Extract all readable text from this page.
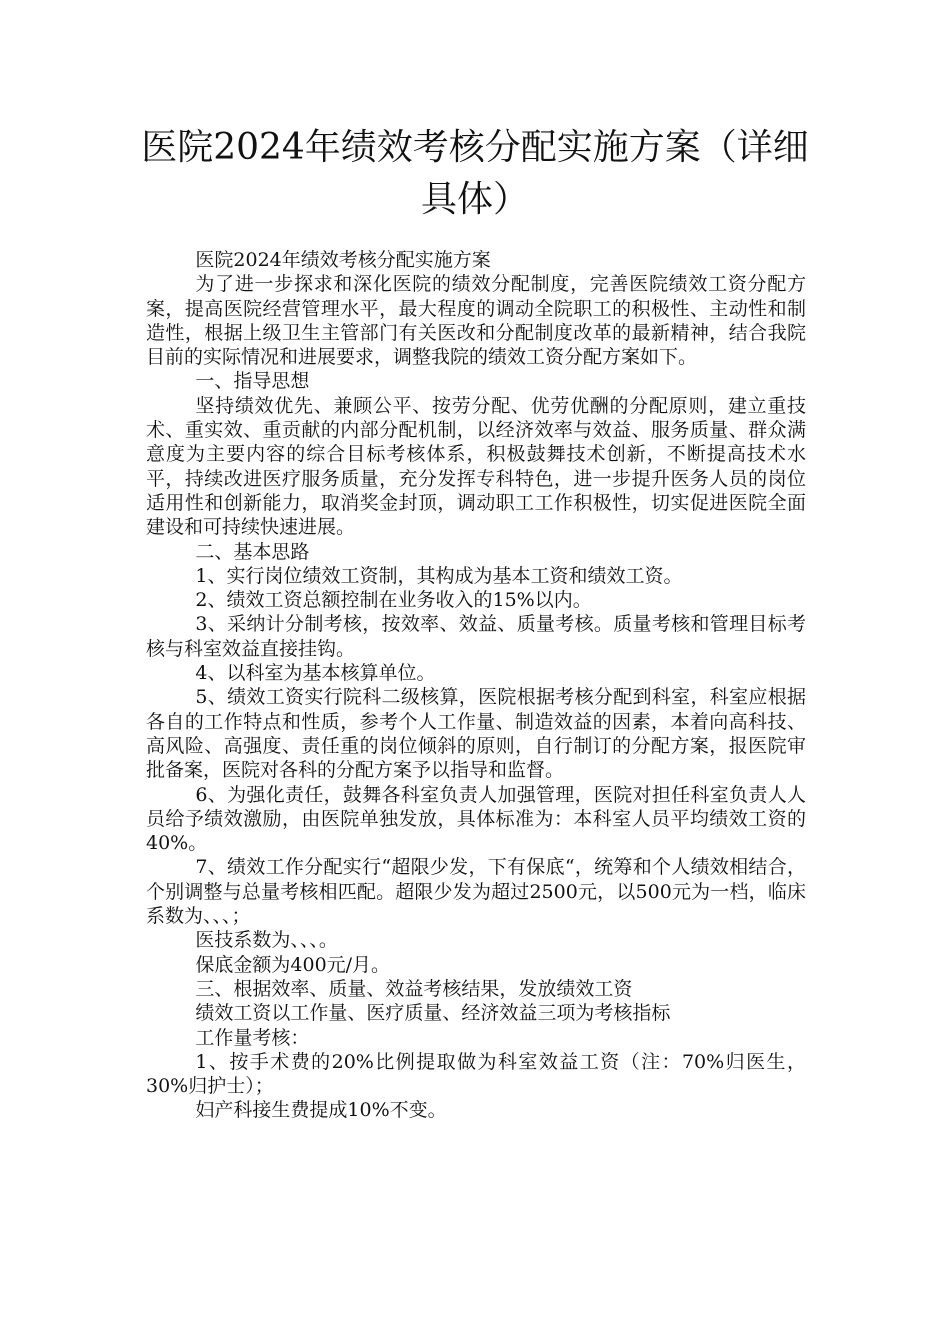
医院2024年绩效考核分配实施方案（详细具体）

医院2024年绩效考核分配实施方案

为了进一步探求和深化医院的绩效分配制度，完善医院绩效工资分配方案，提高医院经营管理水平，最大程度的调动全院职工的积极性、主动性和制造性，根据上级卫生主管部门有关医改和分配制度改革的最新精神，结合我院目前的实际情况和进展要求，调整我院的绩效工资分配方案如下。

一、指导思想

坚持绩效优先、兼顾公平、按劳分配、优劳优酬的分配原则，建立重技术、重实效、重贡献的内部分配机制，以经济效率与效益、服务质量、群众满意度为主要内容的综合目标考核体系，积极鼓舞技术创新，不断提高技术水平，持续改进医疗服务质量，充分发挥专科特色，进一步提升医务人员的岗位适用性和创新能力，取消奖金封顶，调动职工工作积极性，切实促进医院全面建设和可持续快速进展。

二、基本思路

1、实行岗位绩效工资制，其构成为基本工资和绩效工资。

2、绩效工资总额控制在业务收入的15%以内。

3、采纳计分制考核，按效率、效益、质量考核。质量考核和管理目标考核与科室效益直接挂钩。

4、以科室为基本核算单位。

5、绩效工资实行院科二级核算，医院根据考核分配到科室，科室应根据各自的工作特点和性质，参考个人工作量、制造效益的因素，本着向高科技、高风险、高强度、责任重的岗位倾斜的原则，自行制订的分配方案，报医院审批备案，医院对各科的分配方案予以指导和监督。

6、为强化责任，鼓舞各科室负责人加强管理，医院对担任科室负责人人员给予绩效激励，由医院单独发放，具体标准为：本科室人员平均绩效工资的40%。

7、绩效工作分配实行“超限少发，下有保底“，统筹和个人绩效相结合，个别调整与总量考核相匹配。超限少发为超过2500元，以500元为一档，临床系数为、、、；

医技系数为、、、。

保底金额为400元/月。

三、根据效率、质量、效益考核结果，发放绩效工资

绩效工资以工作量、医疗质量、经济效益三项为考核指标

工作量考核：

1、按手术费的20%比例提取做为科室效益工资（注：70%归医生，30%归护士）；

妇产科接生费提成10%不变。
